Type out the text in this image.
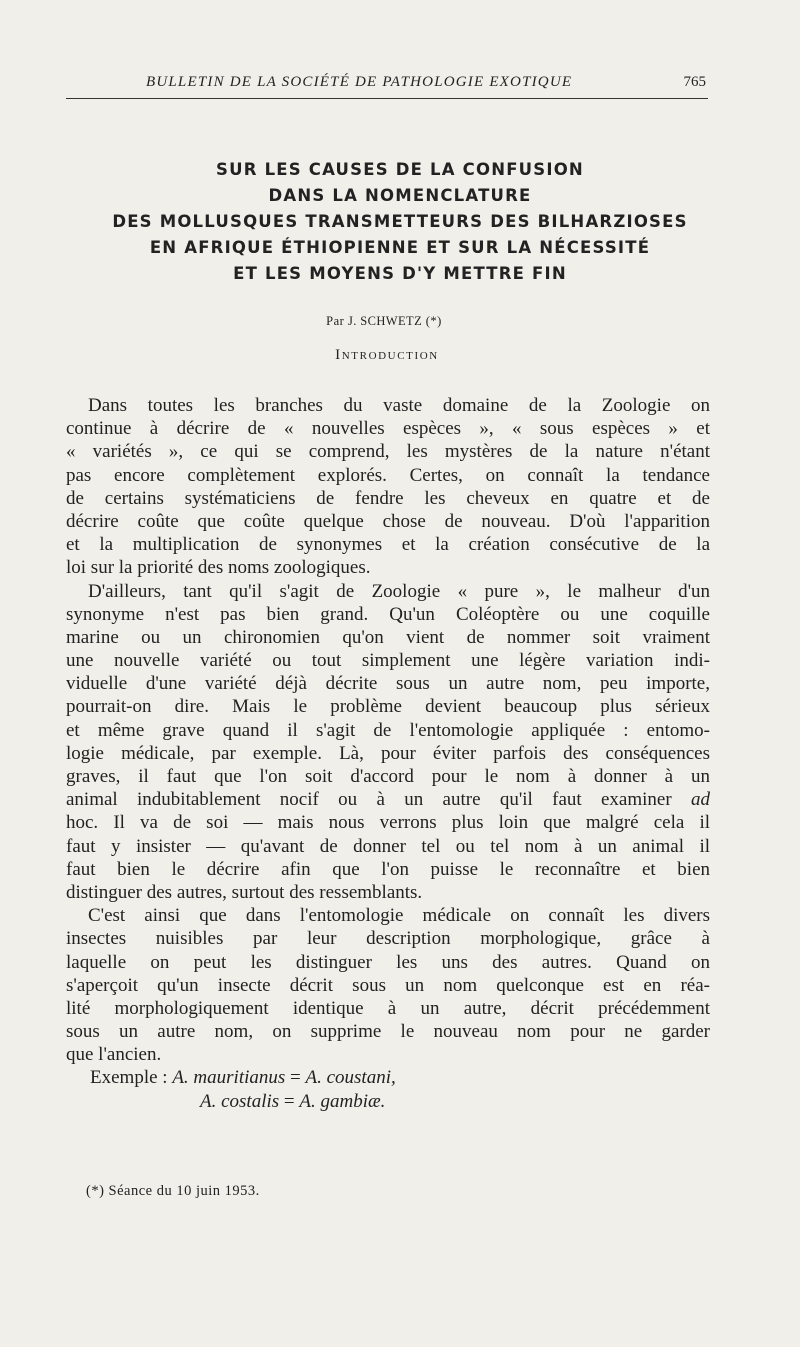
BULLETIN DE LA SOCIÉTÉ DE PATHOLOGIE EXOTIQUE	765
SUR LES CAUSES DE LA CONFUSION
DANS LA NOMENCLATURE
DES MOLLUSQUES TRANSMETTEURS DES BILHARZIOSES
EN AFRIQUE ÉTHIOPIENNE ET SUR LA NÉCESSITÉ
ET LES MOYENS D'Y METTRE FIN
Par J. SCHWETZ (*)
Introduction
Dans toutes les branches du vaste domaine de la Zoologie on
continue à décrire de « nouvelles espèces », « sous espèces » et
« variétés », ce qui se comprend, les mystères de la nature n'étant
pas encore complètement explorés. Certes, on connaît la tendance
de certains systématiciens de fendre les cheveux en quatre et de
décrire coûte que coûte quelque chose de nouveau. D'où l'apparition
et la multiplication de synonymes et la création consécutive de la
loi sur la priorité des noms zoologiques.
D'ailleurs, tant qu'il s'agit de Zoologie « pure », le malheur d'un
synonyme n'est pas bien grand. Qu'un Coléoptère ou une coquille
marine ou un chironomien qu'on vient de nommer soit vraiment
une nouvelle variété ou tout simplement une légère variation indi-
viduelle d'une variété déjà décrite sous un autre nom, peu importe,
pourrait-on dire. Mais le problème devient beaucoup plus sérieux
et même grave quand il s'agit de l'entomologie appliquée : entomo-
logie médicale, par exemple. Là, pour éviter parfois des conséquences
graves, il faut que l'on soit d'accord pour le nom à donner à un
animal indubitablement nocif ou à un autre qu'il faut examiner ad
hoc. Il va de soi — mais nous verrons plus loin que malgré cela il
faut y insister — qu'avant de donner tel ou tel nom à un animal il
faut bien le décrire afin que l'on puisse le reconnaître et bien
distinguer des autres, surtout des ressemblants.
C'est ainsi que dans l'entomologie médicale on connaît les divers
insectes nuisibles par leur description morphologique, grâce à
laquelle on peut les distinguer les uns des autres. Quand on
s'aperçoit qu'un insecte décrit sous un nom quelconque est en réa-
lité morphologiquement identique à un autre, décrit précédemment
sous un autre nom, on supprime le nouveau nom pour ne garder
que l'ancien.
Exemple : A. mauritianus = A. coustani,
A. costalis = A. gambiæ.
(*) Séance du 10 juin 1953.
